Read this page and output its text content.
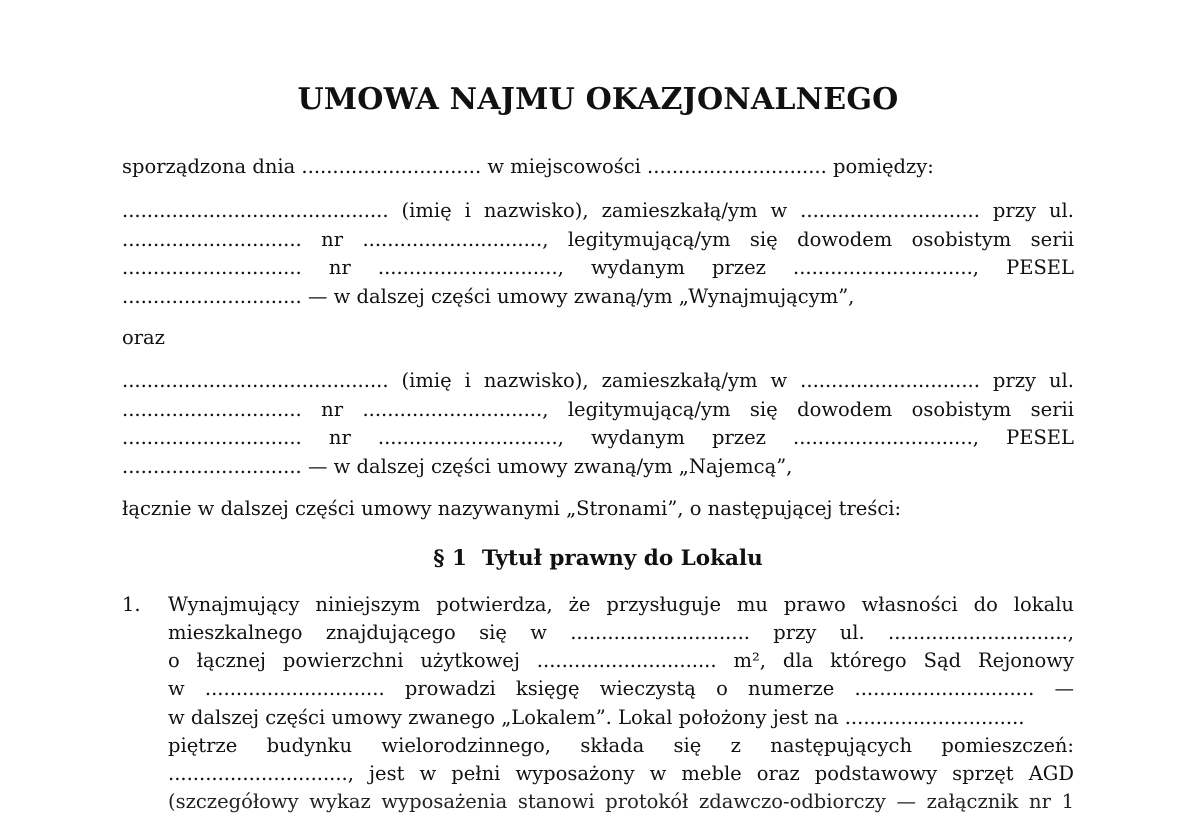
UMOWA NAJMU OKAZJONALNEGO

sporządzona dnia ............................. w miejscowości ............................. pomiędzy:

........................................... (imię i nazwisko), zamieszkałą/ym w ............................. przy ul.

............................. nr ............................., legitymującą/ym się dowodem osobistym serii

............................. nr ............................., wydanym przez ............................., PESEL

............................. — w dalszej części umowy zwaną/ym „Wynajmującym”,

oraz

........................................... (imię i nazwisko), zamieszkałą/ym w ............................. przy ul.

............................. nr ............................., legitymującą/ym się dowodem osobistym serii

............................. nr ............................., wydanym przez ............................., PESEL

............................. — w dalszej części umowy zwaną/ym „Najemcą”,

łącznie w dalszej części umowy nazywanymi „Stronami”, o następującej treści:

§ 1  Tytuł prawny do Lokalu
1. Wynajmujący niniejszym potwierdza, że przysługuje mu prawo własności do lokalu

mieszkalnego znajdującego się w ............................. przy ul. .............................,

o łącznej powierzchni użytkowej ............................. m², dla którego Sąd Rejonowy

w ............................. prowadzi księgę wieczystą o numerze ............................. —

w dalszej części umowy zwanego „Lokalem”. Lokal położony jest na .............................

piętrze budynku wielorodzinnego, składa się z następujących pomieszczeń:

............................., jest w pełni wyposażony w meble oraz podstawowy sprzęt AGD

(szczegółowy wykaz wyposażenia stanowi protokół zdawczo-odbiorczy — załącznik nr 1
